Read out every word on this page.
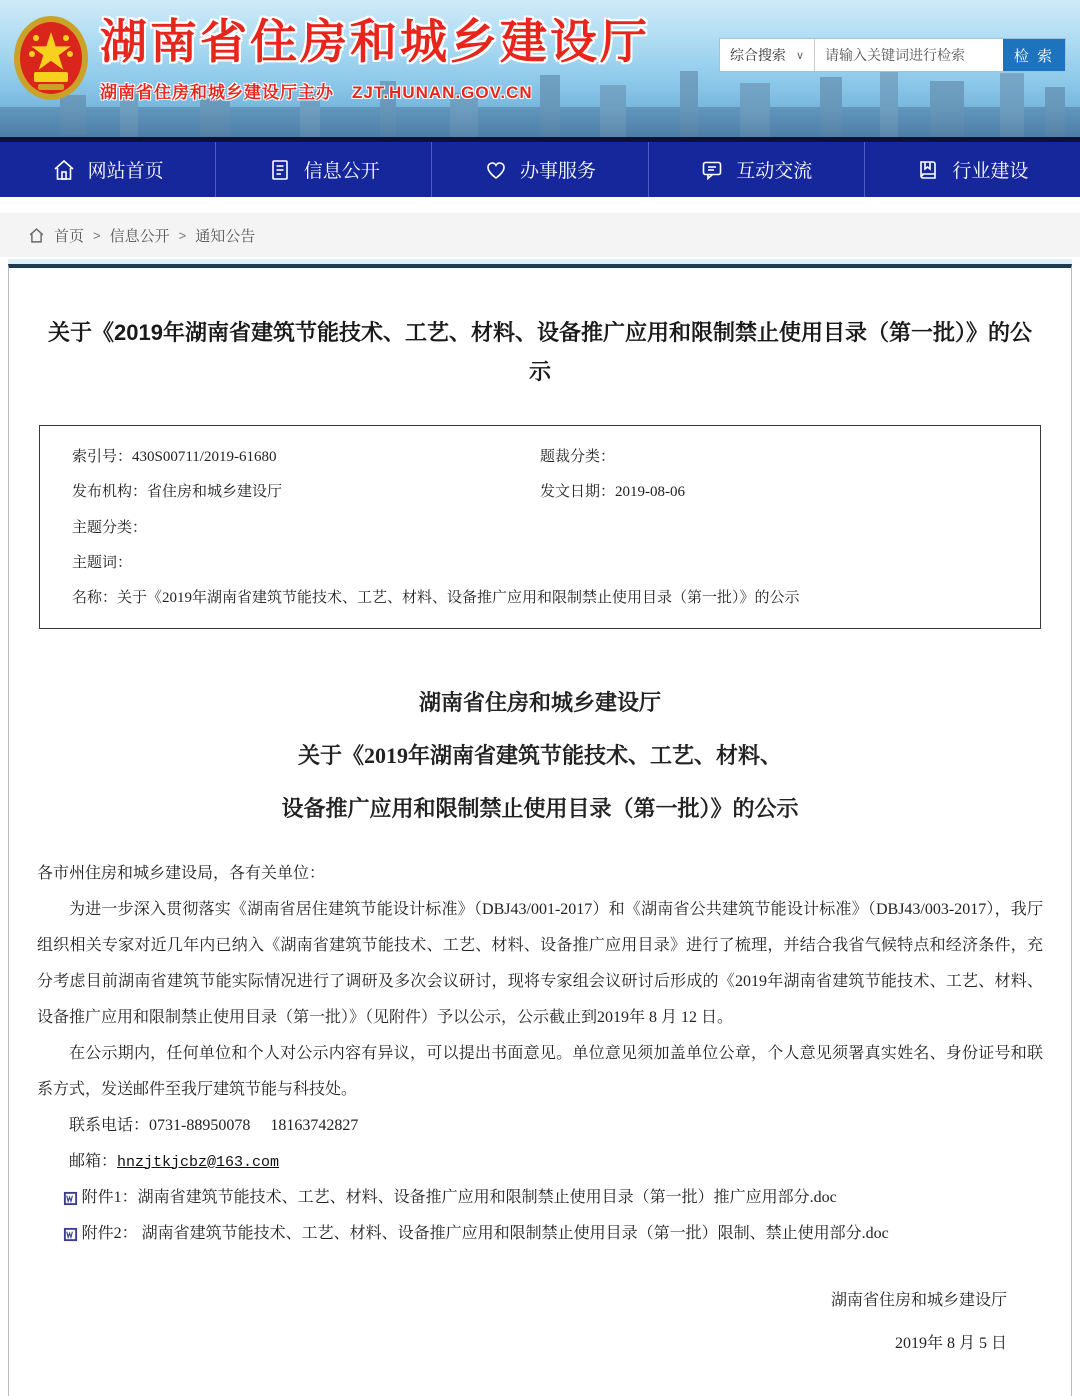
湖南省住房和城乡建设厅
湖南省住房和城乡建设厅主办　ZJT.HUNAN.GOV.CN
综合搜索 ∨
请输入关键词进行检索	检 索
网站首页	信息公开	办事服务	互动交流	行业建设
首页 > 信息公开 > 通知公告
关于《2019年湖南省建筑节能技术、工艺、材料、设备推广应用和限制禁止使用目录（第一批）》的公示
索引号： 430S00711/2019-61680	题裁分类：
发布机构： 省住房和城乡建设厅	发文日期： 2019-08-06
主题分类：
主题词：
名称： 关于《2019年湖南省建筑节能技术、工艺、材料、设备推广应用和限制禁止使用目录（第一批）》的公示
湖南省住房和城乡建设厅
关于《2019年湖南省建筑节能技术、工艺、材料、
设备推广应用和限制禁止使用目录（第一批）》的公示

各市州住房和城乡建设局，各有关单位：

为进一步深入贯彻落实《湖南省居住建筑节能设计标准》（DBJ43/001-2017）和《湖南省公共建筑节能设计标准》（DBJ43/003-2017），我厅组织相关专家对近几年内已纳入《湖南省建筑节能技术、工艺、材料、设备推广应用目录》进行了梳理，并结合我省气候特点和经济条件，充分考虑目前湖南省建筑节能实际情况进行了调研及多次会议研讨，现将专家组会议研讨后形成的《2019年湖南省建筑节能技术、工艺、材料、设备推广应用和限制禁止使用目录（第一批）》（见附件）予以公示，公示截止到2019年 8 月 12 日。

在公示期内，任何单位和个人对公示内容有异议，可以提出书面意见。单位意见须加盖单位公章，个人意见须署真实姓名、身份证号和联系方式，发送邮件至我厅建筑节能与科技处。

联系电话：0731-88950078 　18163742827
邮箱：hnzjtkjcbz@163.com
附件1：湖南省建筑节能技术、工艺、材料、设备推广应用和限制禁止使用目录（第一批）推广应用部分.doc
附件2： 湖南省建筑节能技术、工艺、材料、设备推广应用和限制禁止使用目录（第一批）限制、禁止使用部分.doc
湖南省住房和城乡建设厅
2019年 8 月 5 日
